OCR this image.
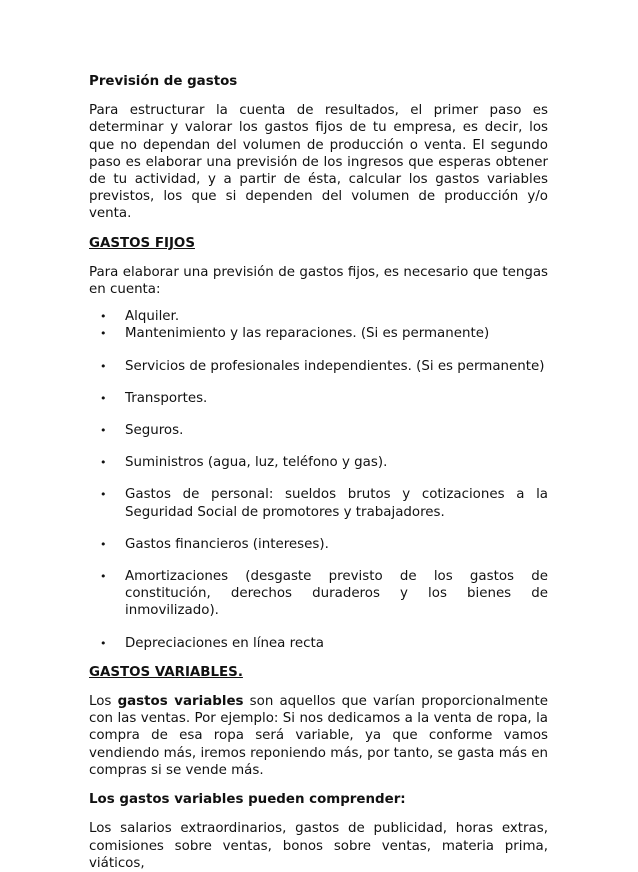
Previsión de gastos

Para estructurar la cuenta de resultados, el primer paso es determinar y valorar los gastos fijos de tu empresa, es decir, los que no dependan del volumen de producción o venta. El segundo paso es elaborar una previsión de los ingresos que esperas obtener de tu actividad, y a partir de ésta, calcular los gastos variables previstos, los que si dependen del volumen de producción y/o venta.

GASTOS FIJOS

Para elaborar una previsión de gastos fijos, es necesario que tengas en cuenta:

• Alquiler.
• Mantenimiento y las reparaciones. (Si es permanente)
• Servicios de profesionales independientes. (Si es permanente)
• Transportes.
• Seguros.
• Suministros (agua, luz, teléfono y gas).
• Gastos de personal: sueldos brutos y cotizaciones a la Seguridad Social de promotores y trabajadores.
• Gastos financieros (intereses).
• Amortizaciones (desgaste previsto de los gastos de constitución, derechos duraderos y los bienes de inmovilizado).
• Depreciaciones en línea recta

GASTOS VARIABLES.

Los gastos variables son aquellos que varían proporcionalmente con las ventas. Por ejemplo: Si nos dedicamos a la venta de ropa, la compra de esa ropa será variable, ya que conforme vamos vendiendo más, iremos reponiendo más, por tanto, se gasta más en compras si se vende más.

Los gastos variables pueden comprender:

Los salarios extraordinarios, gastos de publicidad, horas extras, comisiones sobre ventas, bonos sobre ventas, materia prima, viáticos,
